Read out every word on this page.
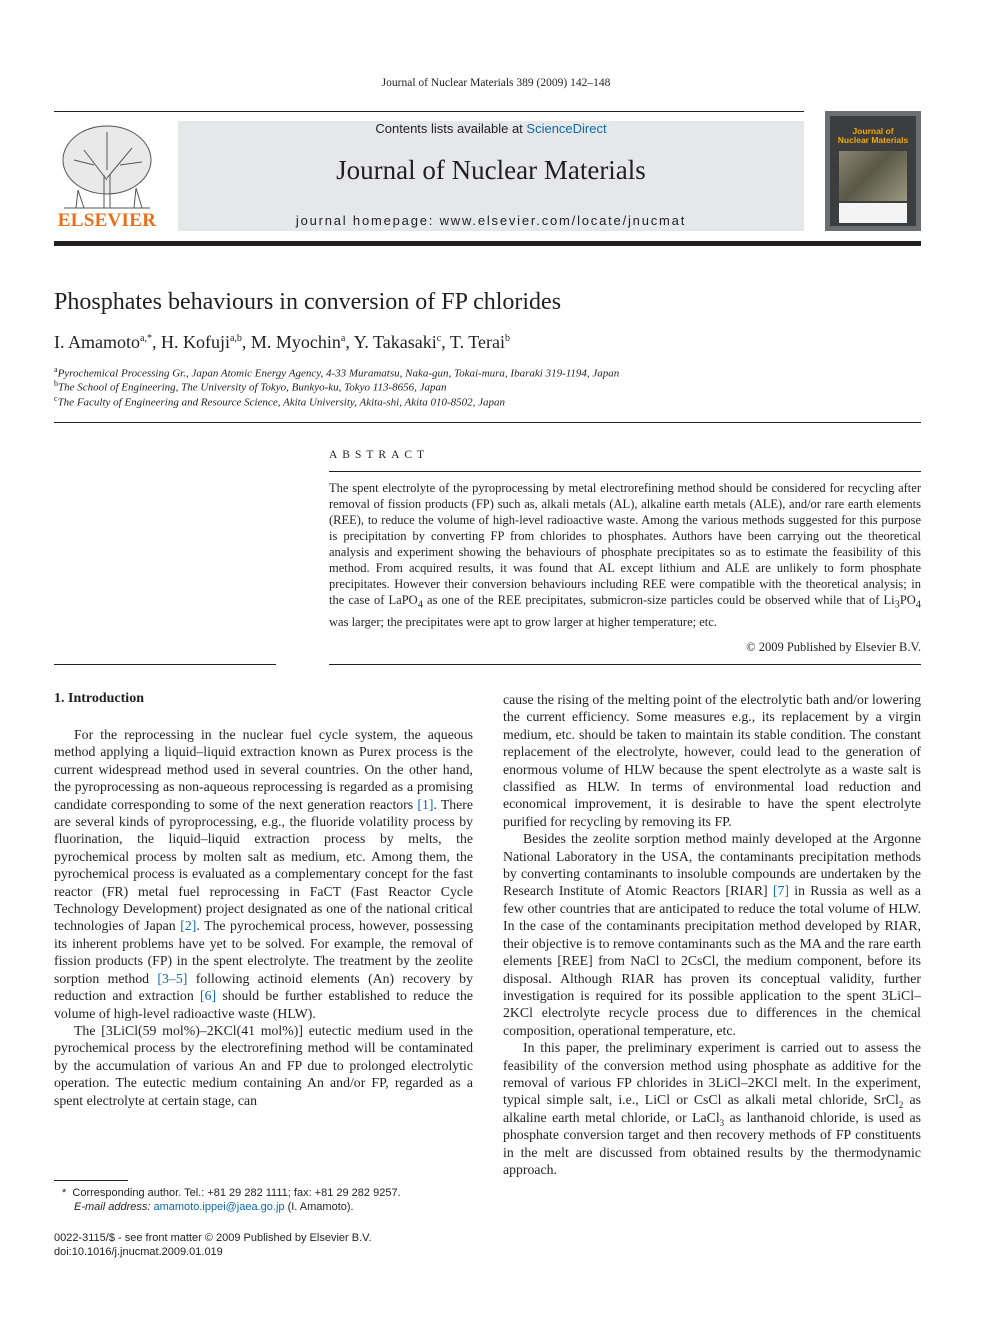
Journal of Nuclear Materials 389 (2009) 142–148
ELSEVIER
Contents lists available at ScienceDirect
Journal of Nuclear Materials
journal homepage: www.elsevier.com/locate/jnucmat
Journal of
Nuclear Materials
Phosphates behaviours in conversion of FP chlorides
I. Amamoto$^{a,*}$, H. Kofuji$^{a,b}$, M. Myochin$^a$, Y. Takasaki$^c$, T. Terai$^b$
$^a$Pyrochemical Processing Gr., Japan Atomic Energy Agency, 4-33 Muramatsu, Naka-gun, Tokai-mura, Ibaraki 319-1194, Japan
$^b$The School of Engineering, The University of Tokyo, Bunkyo-ku, Tokyo 113-8656, Japan
$^c$The Faculty of Engineering and Resource Science, Akita University, Akita-shi, Akita 010-8502, Japan
ABSTRACT
The spent electrolyte of the pyroprocessing by metal electrorefining method should be considered for recycling after removal of fission products (FP) such as, alkali metals (AL), alkaline earth metals (ALE), and/or rare earth elements (REE), to reduce the volume of high-level radioactive waste. Among the various methods suggested for this purpose is precipitation by converting FP from chlorides to phosphates. Authors have been carrying out the theoretical analysis and experiment showing the behaviours of phosphate precipitates so as to estimate the feasibility of this method. From acquired results, it was found that AL except lithium and ALE are unlikely to form phosphate precipitates. However their conversion behaviours including REE were compatible with the theoretical analysis; in the case of LaPO$_4$ as one of the REE precipitates, submicron-size particles could be observed while that of $Li_3PO_4$ was larger; the precipitates were apt to grow larger at higher temperature; etc.
© 2009 Published by Elsevier B.V.
1. Introduction

For the reprocessing in the nuclear fuel cycle system, the aqueous method applying a liquid–liquid extraction known as Purex process is the current widespread method used in several countries. On the other hand, the pyroprocessing as non-aqueous reprocessing is regarded as a promising candidate corresponding to some of the next generation reactors [1]. There are several kinds of pyroprocessing, e.g., the fluoride volatility process by fluorination, the liquid–liquid extraction process by melts, the pyrochemical process by molten salt as medium, etc. Among them, the pyrochemical process is evaluated as a complementary concept for the fast reactor (FR) metal fuel reprocessing in FaCT (Fast Reactor Cycle Technology Development) project designated as one of the national critical technologies of Japan [2]. The pyrochemical process, however, possessing its inherent problems have yet to be solved. For example, the removal of fission products (FP) in the spent electrolyte. The treatment by the zeolite sorption method [3–5] following actinoid elements (An) recovery by reduction and extraction [6] should be further established to reduce the volume of high-level radioactive waste (HLW).

The [3LiCl(59 mol%)–2KCl(41 mol%)] eutectic medium used in the pyrochemical process by the electrorefining method will be contaminated by the accumulation of various An and FP due to prolonged electrolytic operation. The eutectic medium containing An and/or FP, regarded as a spent electrolyte at certain stage, can

cause the rising of the melting point of the electrolytic bath and/or lowering the current efficiency. Some measures e.g., its replacement by a virgin medium, etc. should be taken to maintain its stable condition. The constant replacement of the electrolyte, however, could lead to the generation of enormous volume of HLW because the spent electrolyte as a waste salt is classified as HLW. In terms of environmental load reduction and economical improvement, it is desirable to have the spent electrolyte purified for recycling by removing its FP.

Besides the zeolite sorption method mainly developed at the Argonne National Laboratory in the USA, the contaminants precipitation methods by converting contaminants to insoluble compounds are undertaken by the Research Institute of Atomic Reactors [RIAR] [7] in Russia as well as a few other countries that are anticipated to reduce the total volume of HLW. In the case of the contaminants precipitation method developed by RIAR, their objective is to remove contaminants such as the MA and the rare earth elements [REE] from NaCl to 2CsCl, the medium component, before its disposal. Although RIAR has proven its conceptual validity, further investigation is required for its possible application to the spent 3LiCl–2KCl electrolyte recycle process due to differences in the chemical composition, operational temperature, etc.

In this paper, the preliminary experiment is carried out to assess the feasibility of the conversion method using phosphate as additive for the removal of various FP chlorides in 3LiCl–2KCl melt. In the experiment, typical simple salt, i.e., LiCl or CsCl as alkali metal chloride, SrCl$_2$ as alkaline earth metal chloride, or LaCl$_3$ as lanthanoid chloride, is used as phosphate conversion target and then recovery methods of FP constituents in the melt are discussed from obtained results by the thermodynamic approach.

* Corresponding author. Tel.: +81 29 282 1111; fax: +81 29 282 9257.
E-mail address: amamoto.ippei@jaea.go.jp (I. Amamoto).
0022-3115/$ - see front matter © 2009 Published by Elsevier B.V.
doi:10.1016/j.jnucmat.2009.01.019
